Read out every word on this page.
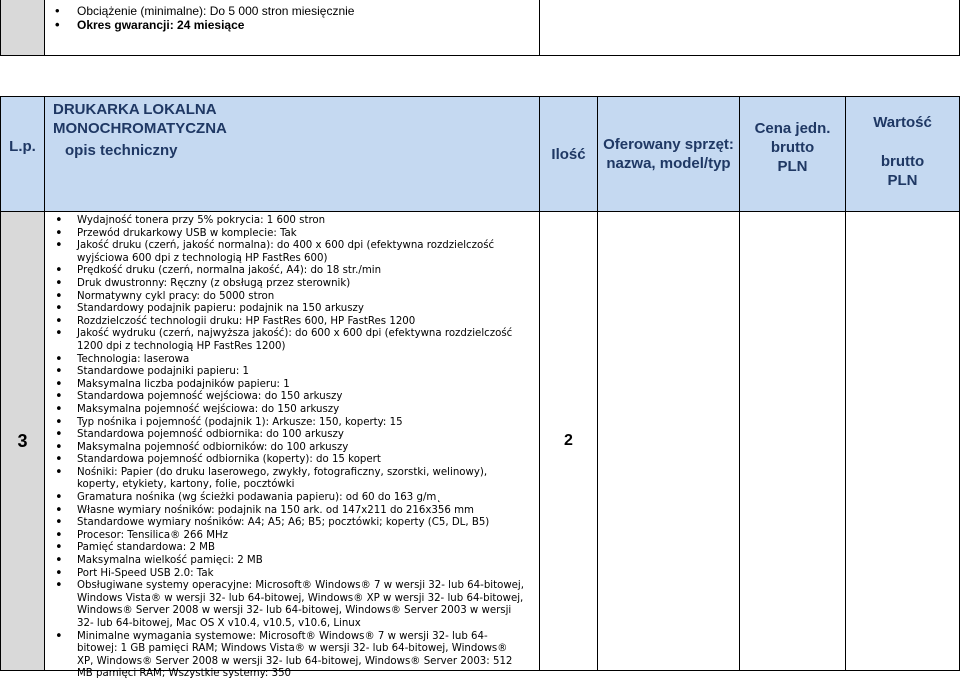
• Obciążenie (minimalne): Do 5 000 stron miesięcznie
• Okres gwarancji: 24 miesiące
L.p.
DRUKARKA LOKALNA MONOCHROMATYCZNA
opis techniczny	Ilość
Oferowany sprzęt:
nazwa, model/typ
Cena jedn.
brutto
PLN
Wartość
brutto
PLN
3
• Wydajność tonera przy 5% pokrycia: 1 600 stron
• Przewód drukarkowy USB w komplecie: Tak
• Jakość druku (czerń, jakość normalna): do 400 x 600 dpi (efektywna rozdzielczość wyjściowa 600 dpi z technologią HP FastRes 600)
• Prędkość druku (czerń, normalna jakość, A4): do 18 str./min
• Druk dwustronny: Ręczny (z obsługą przez sterownik)
• Normatywny cykl pracy: do 5000 stron
• Standardowy podajnik papieru: podajnik na 150 arkuszy
• Rozdzielczość technologii druku: HP FastRes 600, HP FastRes 1200
• Jakość wydruku (czerń, najwyższa jakość): do 600 x 600 dpi (efektywna rozdzielczość 1200 dpi z technologią HP FastRes 1200)
• Technologia: laserowa
• Standardowe podajniki papieru: 1
• Maksymalna liczba podajników papieru: 1
• Standardowa pojemność wejściowa: do 150 arkuszy
• Maksymalna pojemność wejściowa: do 150 arkuszy
• Typ nośnika i pojemność (podajnik 1): Arkusze: 150, koperty: 15
• Standardowa pojemność odbiornika: do 100 arkuszy
• Maksymalna pojemność odbiorników: do 100 arkuszy
• Standardowa pojemność odbiornika (koperty): do 15 kopert
• Nośniki: Papier (do druku laserowego, zwykły, fotograficzny, szorstki, welinowy), koperty, etykiety, kartony, folie, pocztówki
• Gramatura nośnika (wg ścieżki podawania papieru): od 60 do 163 g/m˛
• Własne wymiary nośników: podajnik na 150 ark. od 147x211 do 216x356 mm
• Standardowe wymiary nośników: A4; A5; A6; B5; pocztówki; koperty (C5, DL, B5)
• Procesor: Tensilica® 266 MHz
• Pamięć standardowa: 2 MB
• Maksymalna wielkość pamięci: 2 MB
• Port Hi-Speed USB 2.0: Tak
• Obsługiwane systemy operacyjne: Microsoft® Windows® 7 w wersji 32- lub 64-bitowej, Windows Vista® w wersji 32- lub 64-bitowej, Windows® XP w wersji 32- lub 64-bitowej, Windows® Server 2008 w wersji 32- lub 64-bitowej, Windows® Server 2003 w wersji 32- lub 64-bitowej, Mac OS X v10.4, v10.5, v10.6, Linux
• Minimalne wymagania systemowe: Microsoft® Windows® 7 w wersji 32- lub 64-bitowej: 1 GB pamięci RAM; Windows Vista® w wersji 32- lub 64-bitowej, Windows® XP, Windows® Server 2008 w wersji 32- lub 64-bitowej, Windows® Server 2003: 512 MB pamięci RAM; Wszystkie systemy: 350
2
